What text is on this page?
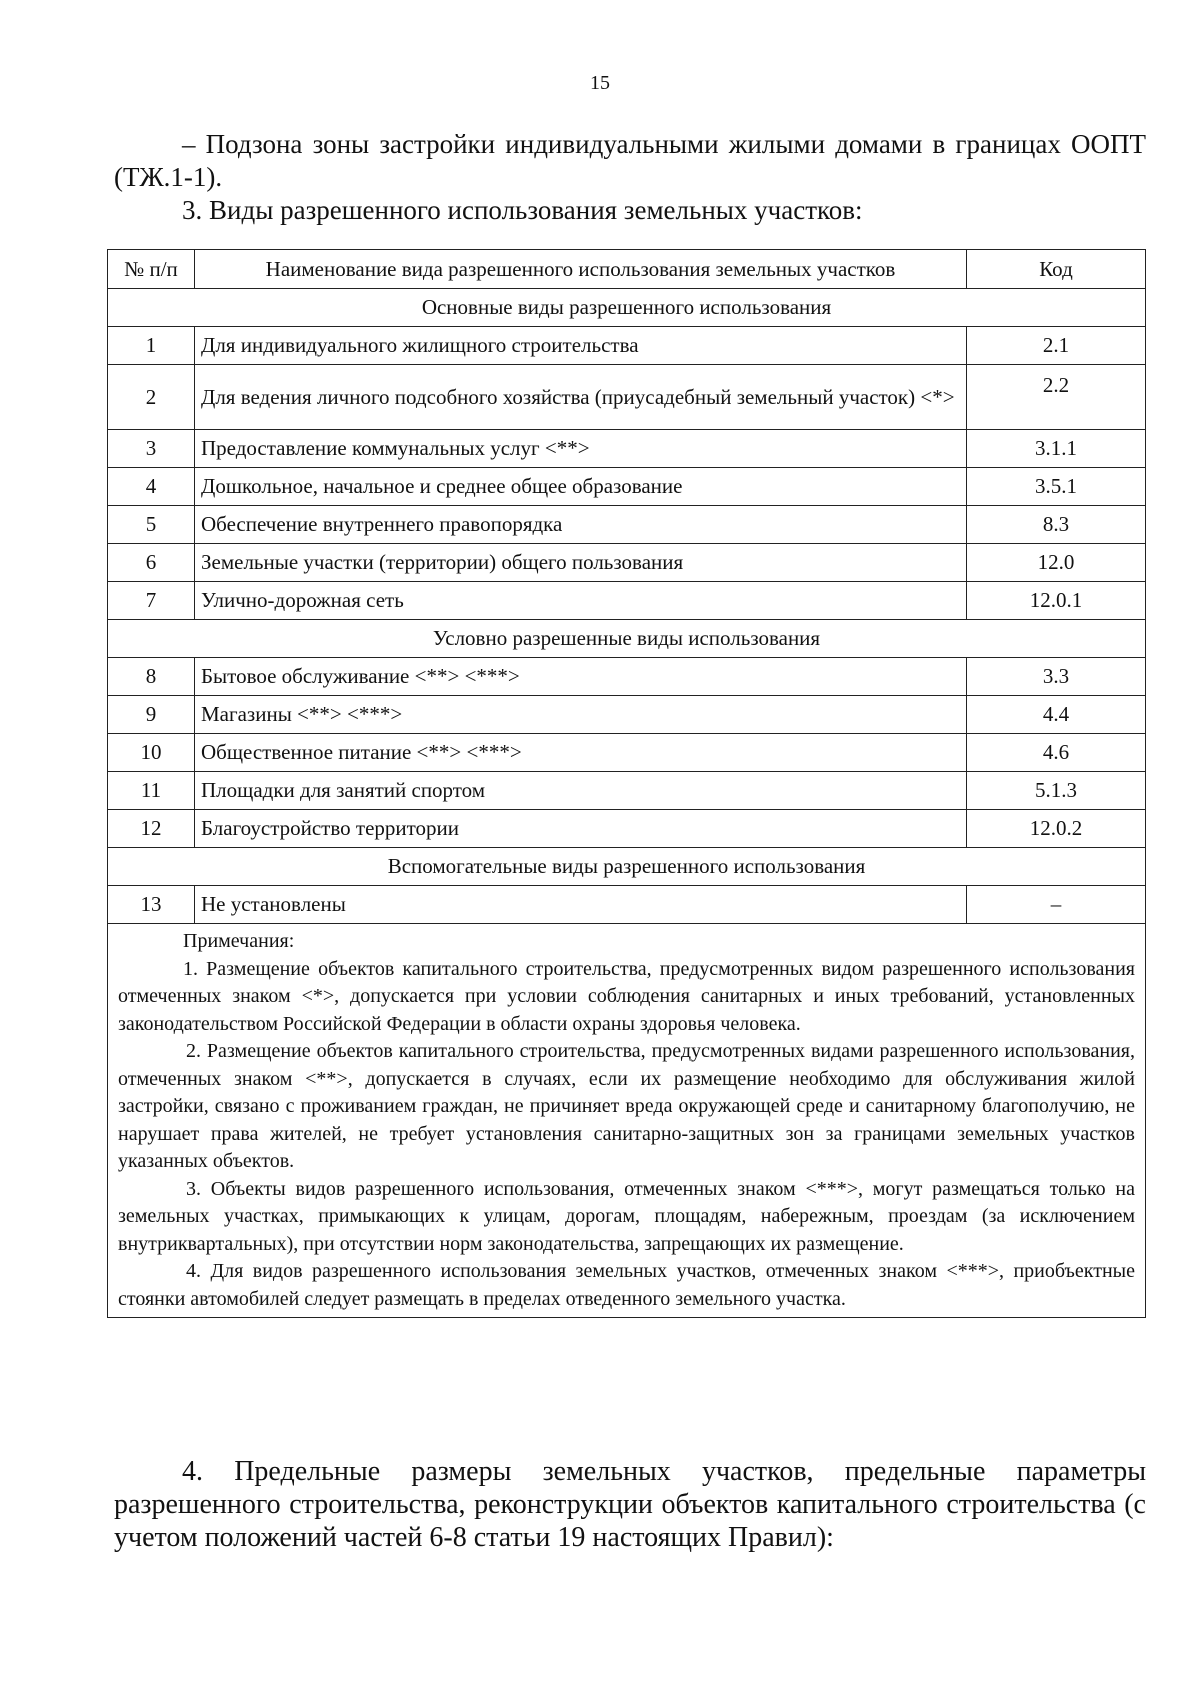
15
– Подзона зоны застройки индивидуальными жилыми домами в границах ООПТ (ТЖ.1-1).
3. Виды разрешенного использования земельных участков:
№ п/п	Наименование вида разрешенного использования земельных участков	Код
Основные виды разрешенного использования		
1	Для индивидуального жилищного строительства	2.1
2	Для ведения личного подсобного хозяйства (приусадебный земельный участок) <*>	2.2
3	Предоставление коммунальных услуг <**>	3.1.1
4	Дошкольное, начальное и среднее общее образование	3.5.1
5	Обеспечение внутреннего правопорядка	8.3
6	Земельные участки (территории) общего пользования	12.0
7	Улично-дорожная сеть	12.0.1
Условно разрешенные виды использования		
8	Бытовое обслуживание <**> <***>	3.3
9	Магазины <**> <***>	4.4
10	Общественное питание <**> <***>	4.6
11	Площадки для занятий спортом	5.1.3
12	Благоустройство территории	12.0.2
Вспомогательные виды разрешенного использования		
13	Не установлены	–

Примечания:
1. Размещение объектов капитального строительства, предусмотренных видом разрешенного использования отмеченных знаком <*>, допускается при условии соблюдения санитарных и иных требований, установленных законодательством Российской Федерации в области охраны здоровья человека.
2. Размещение объектов капитального строительства, предусмотренных видами разрешенного использования, отмеченных знаком <**>, допускается в случаях, если их размещение необходимо для обслуживания жилой застройки, связано с проживанием граждан, не причиняет вреда окружающей среде и санитарному благополучию, не нарушает права жителей, не требует установления санитарно-защитных зон за границами земельных участков указанных объектов.
3. Объекты видов разрешенного использования, отмеченных знаком <***>, могут размещаться только на земельных участках, примыкающих к улицам, дорогам, площадям, набережным, проездам (за исключением внутриквартальных), при отсутствии норм законодательства, запрещающих их размещение.
4. Для видов разрешенного использования земельных участков, отмеченных знаком <***>, приобъектные стоянки автомобилей следует размещать в пределах отведенного земельного участка.		
4. Предельные размеры земельных участков, предельные параметры разрешенного строительства, реконструкции объектов капитального строительства (с учетом положений частей 6-8 статьи 19 настоящих Правил):
